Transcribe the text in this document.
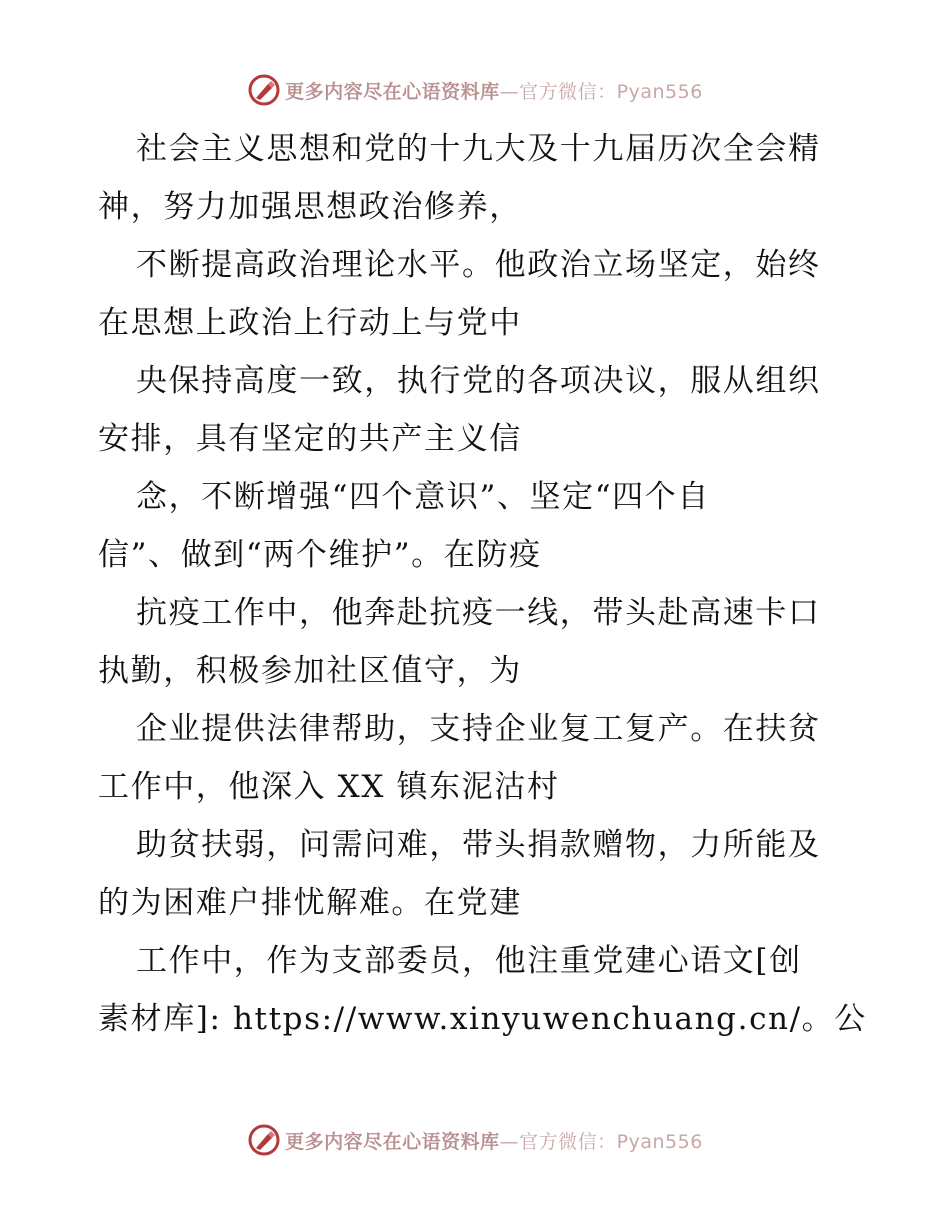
更多内容尽在心语资料库—官方微信：Pyan556
社会主义思想和党的十九大及十九届历次全会精
神，努力加强思想政治修养，
不断提高政治理论水平。他政治立场坚定，始终
在思想上政治上行动上与党中
央保持高度一致，执行党的各项决议，服从组织
安排，具有坚定的共产主义信
念，不断增强“四个意识”、坚定“四个自
信”、做到“两个维护”。在防疫
抗疫工作中，他奔赴抗疫一线，带头赴高速卡口
执勤，积极参加社区值守，为
企业提供法律帮助，支持企业复工复产。在扶贫
工作中，他深入 XX 镇东泥沽村
助贫扶弱，问需问难，带头捐款赠物，力所能及
的为困难户排忧解难。在党建
工作中，作为支部委员，他注重党建心语文[创
素材库]: https://www.xinyuwenchuang.cn/。公
更多内容尽在心语资料库—官方微信：Pyan556
